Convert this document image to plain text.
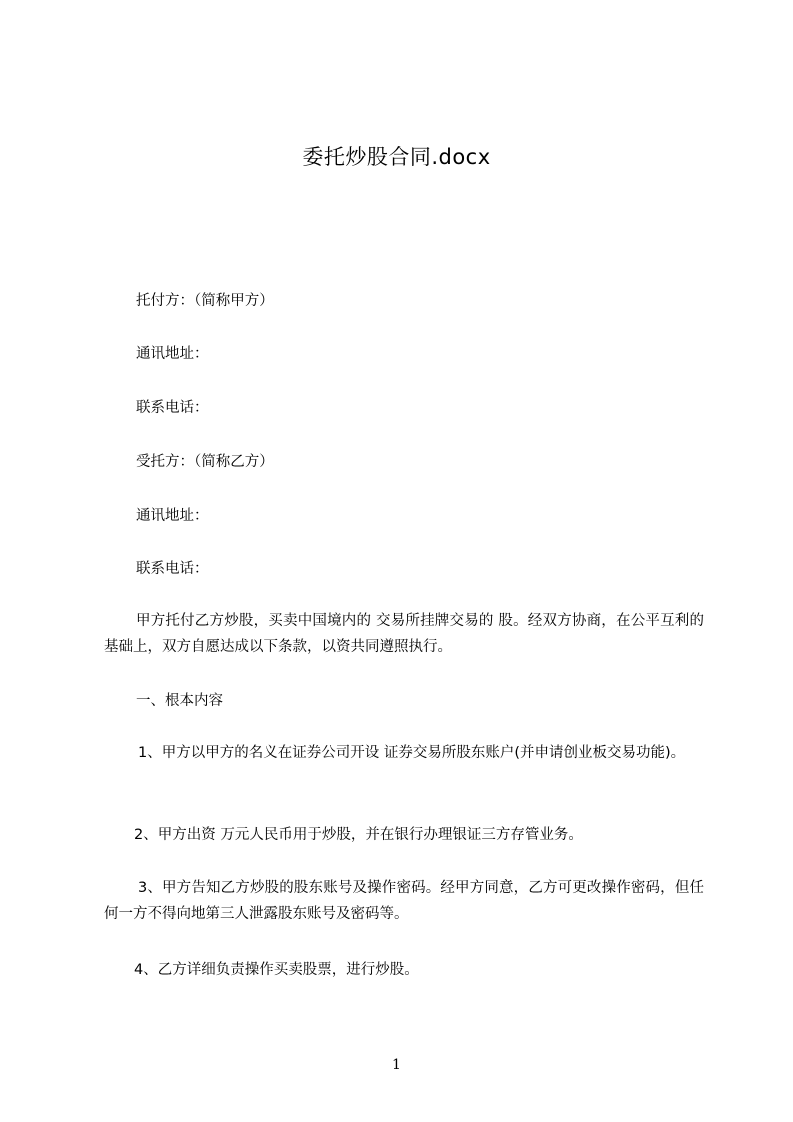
委托炒股合同.docx
托付方：（简称甲方）
通讯地址：
联系电话：
受托方：（简称乙方）
通讯地址：
联系电话：
甲方托付乙方炒股，买卖中国境内的 交易所挂牌交易的 股。经双方协商，在公平互利的基础上，双方自愿达成以下条款，以资共同遵照执行。
一、根本内容
1、甲方以甲方的名义在证券公司开设 证券交易所股东账户(并申请创业板交易功能)。
2、甲方出资 万元人民币用于炒股，并在银行办理银证三方存管业务。
3、甲方告知乙方炒股的股东账号及操作密码。经甲方同意，乙方可更改操作密码，但任何一方不得向地第三人泄露股东账号及密码等。
4、乙方详细负责操作买卖股票，进行炒股。
1
